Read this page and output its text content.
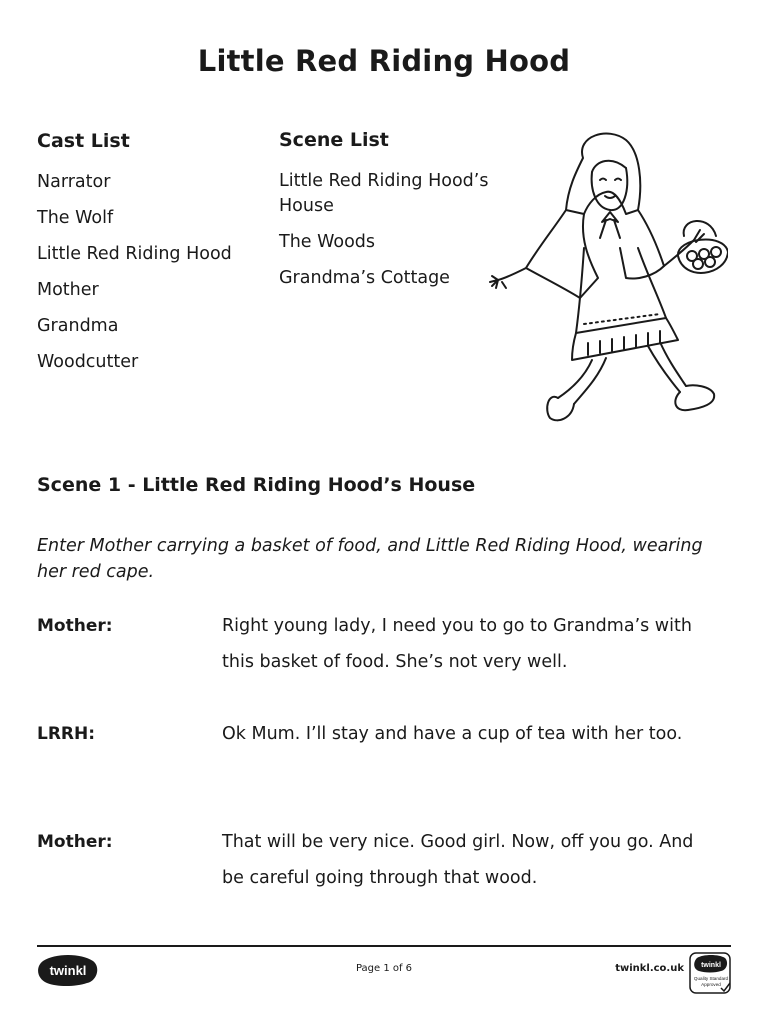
Little Red Riding Hood
Cast List
Narrator
The Wolf
Little Red Riding Hood
Mother
Grandma
Woodcutter
Scene List
Little Red Riding Hood’s House
The Woods
Grandma’s Cottage
Scene 1 - Little Red Riding Hood’s House
Enter Mother carrying a basket of food, and Little Red Riding Hood, wearing her red cape.
Mother:	Right young lady, I need you to go to Grandma’s with this basket of food. She’s not very well.
LRRH:	Ok Mum. I’ll stay and have a cup of tea with her too.
Mother:	That will be very nice. Good girl. Now, off you go. And be careful going through that wood.
twinkl	Page 1 of 6	twinkl.co.uk twinkl
Quality Standard
Approved
